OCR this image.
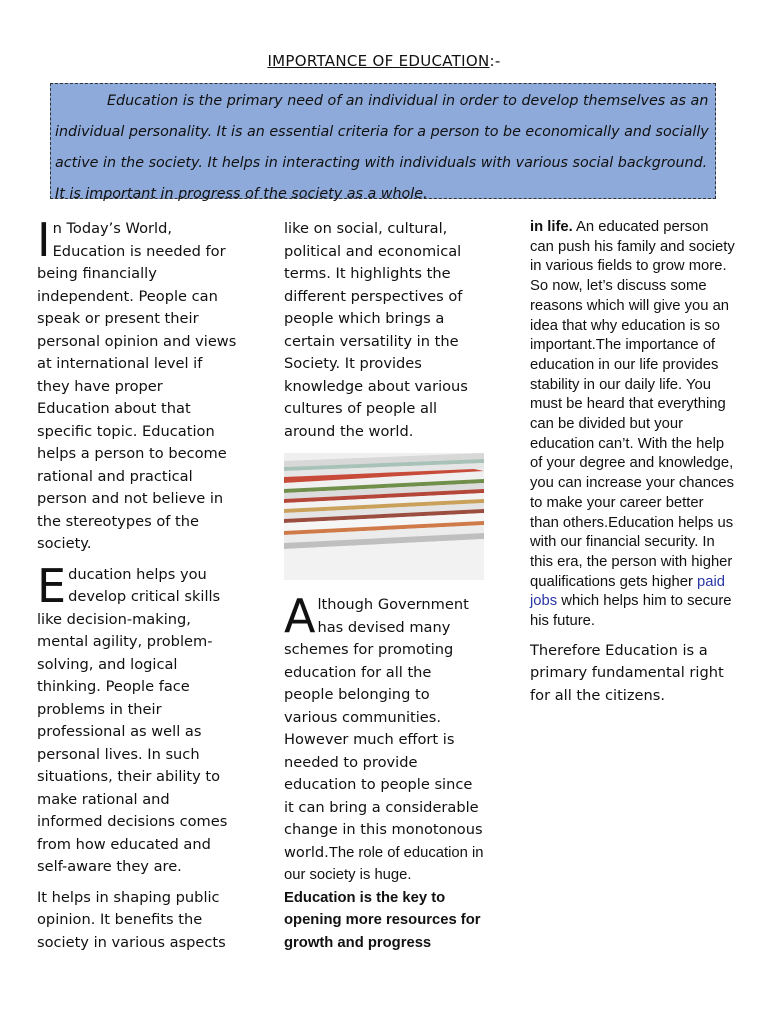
IMPORTANCE OF EDUCATION:-
Education is the primary need of an individual in order to develop themselves as an individual personality. It is an essential criteria for a person to be economically and socially active in the society. It helps in interacting with individuals with various social background. It is important in progress of the society as a whole.

In Today’s World, Education is needed for being financially independent. People can speak or present their personal opinion and views at international level if they have proper Education about that specific topic. Education helps a person to become rational and practical person and not believe in the stereotypes of the society.

Education helps you develop critical skills like decision-making, mental agility, problem-solving, and logical thinking. People face problems in their professional as well as personal lives. In such situations, their ability to make rational and informed decisions comes from how educated and self-aware they are.

It helps in shaping public opinion. It benefits the society in various aspects

like on social, cultural, political and economical terms. It highlights the different perspectives of people which brings a certain versatility in the Society. It provides knowledge about various cultures of people all around the world.

Although Government has devised many schemes for promoting education for all the people belonging to various communities. However much effort is needed to provide education to people since it can bring a considerable change in this monotonous world.The role of education in our society is huge.
Education is the key to opening more resources for growth and progress

in life. An educated person can push his family and society in various fields to grow more. So now, let’s discuss some reasons which will give you an idea that why education is so important.The importance of education in our life provides stability in our daily life. You must be heard that everything can be divided but your education can’t. With the help of your degree and knowledge, you can increase your chances to make your career better than others.Education helps us with our financial security. In this era, the person with higher qualifications gets higher paid jobs which helps him to secure his future.

Therefore Education is a primary fundamental right for all the citizens.
